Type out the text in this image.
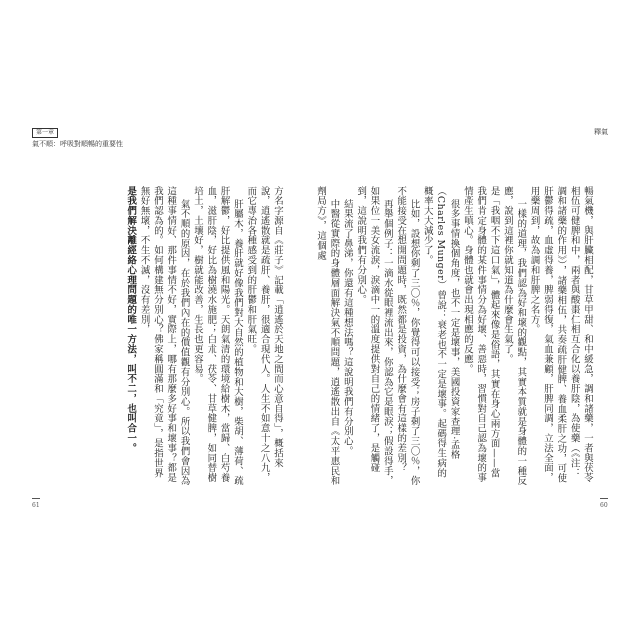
第一章
氣不順：呼吸對順暢的重要性

方名字源自《莊子》記載「逍遙於天地之間而心意自得」，概括來說，逍遙散就是疏肝、養肝，很適合現代人。人生不如意十之八九，而它專治各種感受到的肝鬱和肝氣旺。

肝屬木，養肝就好像我們對大自然的植物和大樹，柴胡、薄荷、疏肝解鬱，好比提供風和陽光。天朗氣清的環境給樹木，當歸、白芍養血，滋肝陰，好比為樹澆水施肥；白朮、茯苓、甘草健脾，如同替樹培土，土壤好，樹就能改善，生長也更容易。

氣不順的原因，在於我們內在的價值觀有分別心。所以我們會因為這種事情好、那件事情不好，實際上，哪有那麼多好事和壞事？都是我們認為的。如何構建無分別心？佛家稱圓滿和「究竟」，是指世界無好無壞，不生不滅，沒有差別，

是我們解決離經絡心理問題的唯一方法，叫不二，也叫合一。

61
釋氣

暢氣機，與肝臟相配，甘草甲甜、和中緩急，調和諸藥，一者與茯苓相伍可健脾和中，兩者與酸棗仁相互合化以養肝陰，為使藥（《注：調和諸藥的作用》），諸藥相伍，共奏疏肝健脾、養血柔肝之功，可使肝鬱得疏，血虛得養，脾弱得復，氣血兼顧，肝脾同調，立法全面，用藥周到，故為調和肝脾之名方。

一樣的道理，我們認為好和壞的觀點，其實本質就是身體的一種反應，說到這裡你就知道為什麼會生氣了。

是「我咽不下這口氣」，體起來像是俗語，其實在身心兩方面——當我們肯定身體的某件事情分為好壞、善惡時，習慣對自己認為壞的事情產生嗔心。身體也就會出現相應的反應。

很多事情換個角度，也不一定是壞事，美國投資家查理·孟格（Charles Munger）曾說：衰老也不一定是壞事。起碼得生病的概率大大減少了。

比如，設想你剩了三〇％，你覺得可以接受；房子剩了三〇％，你不能接受在想開問題時，既然都是投資，為什麼會有這樣的差別？

再舉個例子：一滴水從眼裡流出來，你認為它是眼淚；假設得手，如果位一美女流淚，淚滴中一的溫度提供對自己的情緒了，是觸碰到，這說明我們有分別心。

結果流了鼻涕，你還有這種想法嗎？這說明我們有分別心。

中醫從實際的身體層面解決氣不順問題，逍遙散出自《太平惠民和劑局方》，這個處

60
